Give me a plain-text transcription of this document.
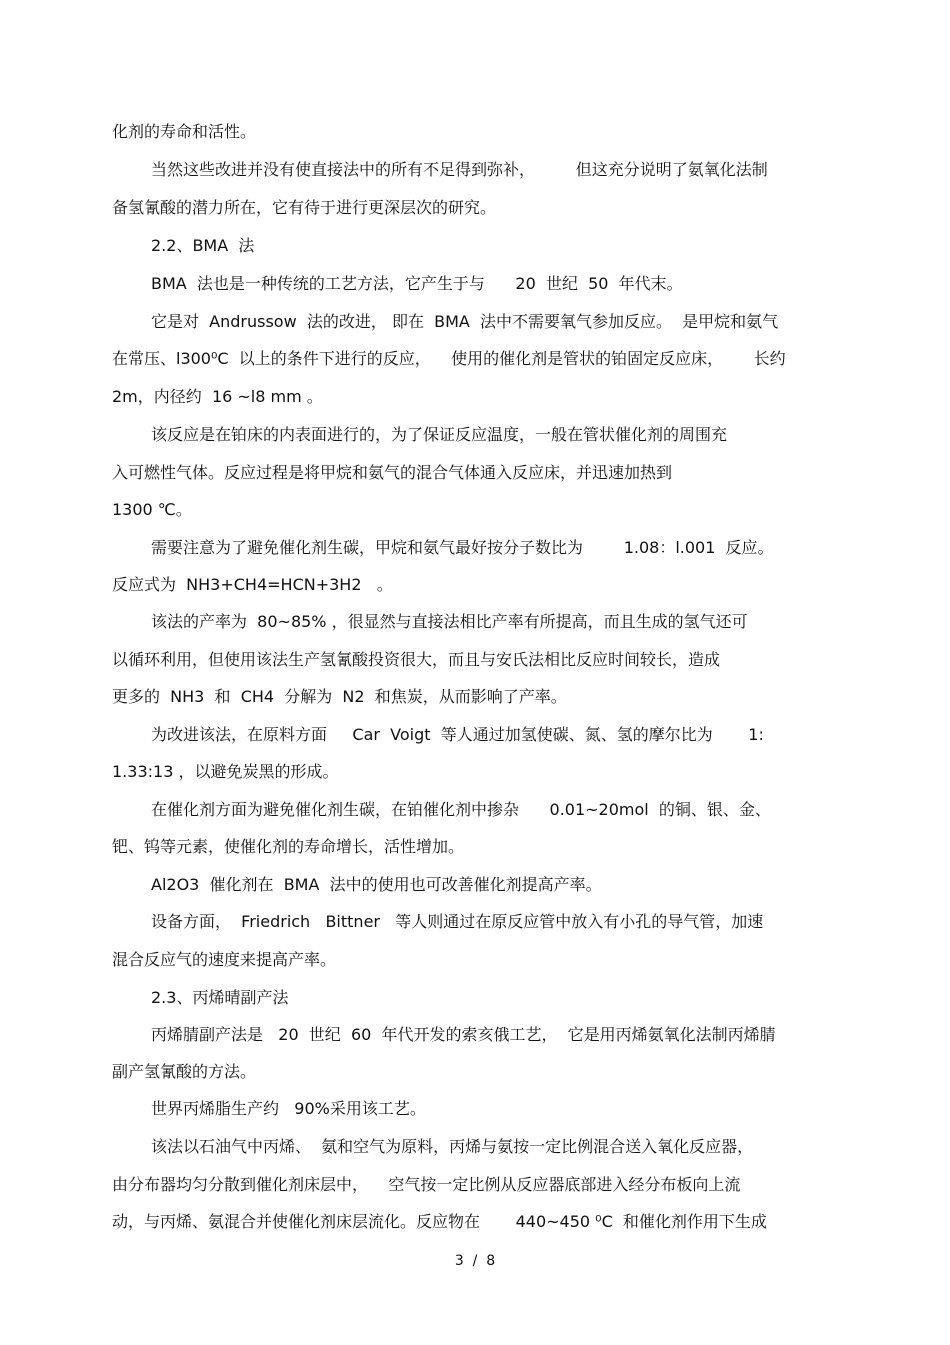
化剂的寿命和活性。
当然这些改进并没有使直接法中的所有不足得到弥补，        但这充分说明了氨氧化法制
备氢氰酸的潜力所在，它有待于进行更深层次的研究。
2.2、BMA  法
BMA  法也是一种传统的工艺方法，它产生于与      20  世纪  50  年代末。
它是对  Andrussow  法的改进， 即在  BMA  法中不需要氧气参加反应。  是甲烷和氨气
在常压、l300⁰C  以上的条件下进行的反应，    使用的催化剂是管状的铂固定反应床，      长约
2m，内径约  16 ~l8 mm 。
该反应是在铂床的内表面进行的，为了保证反应温度，一般在管状催化剂的周围充
入可燃性气体。反应过程是将甲烷和氨气的混合气体通入反应床，并迅速加热到
1300 ℃。
需要注意为了避免催化剂生碳，甲烷和氨气最好按分子数比为        1.08：l.001  反应。
反应式为  NH3+CH4=HCN+3H2   。
该法的产率为  80~85% ，很显然与直接法相比产率有所提高，而且生成的氢气还可
以循环利用，但使用该法生产氢氰酸投资很大，而且与安氏法相比反应时间较长，造成
更多的  NH3  和  CH4  分解为  N2  和焦炭，从而影响了产率。
为改进该法，在原料方面     Car  Voigt  等人通过加氢使碳、氮、氢的摩尔比为       1:
1.33:13 ，以避免炭黑的形成。
在催化剂方面为避免催化剂生碳，在铂催化剂中掺杂      0.01~20mol  的铜、银、金、
钯、钨等元素，使催化剂的寿命增长，活性增加。
Al2O3  催化剂在  BMA  法中的使用也可改善催化剂提高产率。
设备方面，  Friedrich   Bittner   等人则通过在原反应管中放入有小孔的导气管，加速
混合反应气的速度来提高产率。
2.3、丙烯晴副产法
丙烯腈副产法是   20  世纪  60  年代开发的索亥俄工艺，  它是用丙烯氨氧化法制丙烯腈
副产氢氰酸的方法。
世界丙烯脂生产约   90%采用该工艺。
该法以石油气中丙烯、  氨和空气为原料，丙烯与氨按一定比例混合送入氧化反应器，
由分布器均匀分散到催化剂床层中，    空气按一定比例从反应器底部进入经分布板向上流
动，与丙烯、氨混合并使催化剂床层流化。反应物在       440~450 ⁰C  和催化剂作用下生成
3  /  8
